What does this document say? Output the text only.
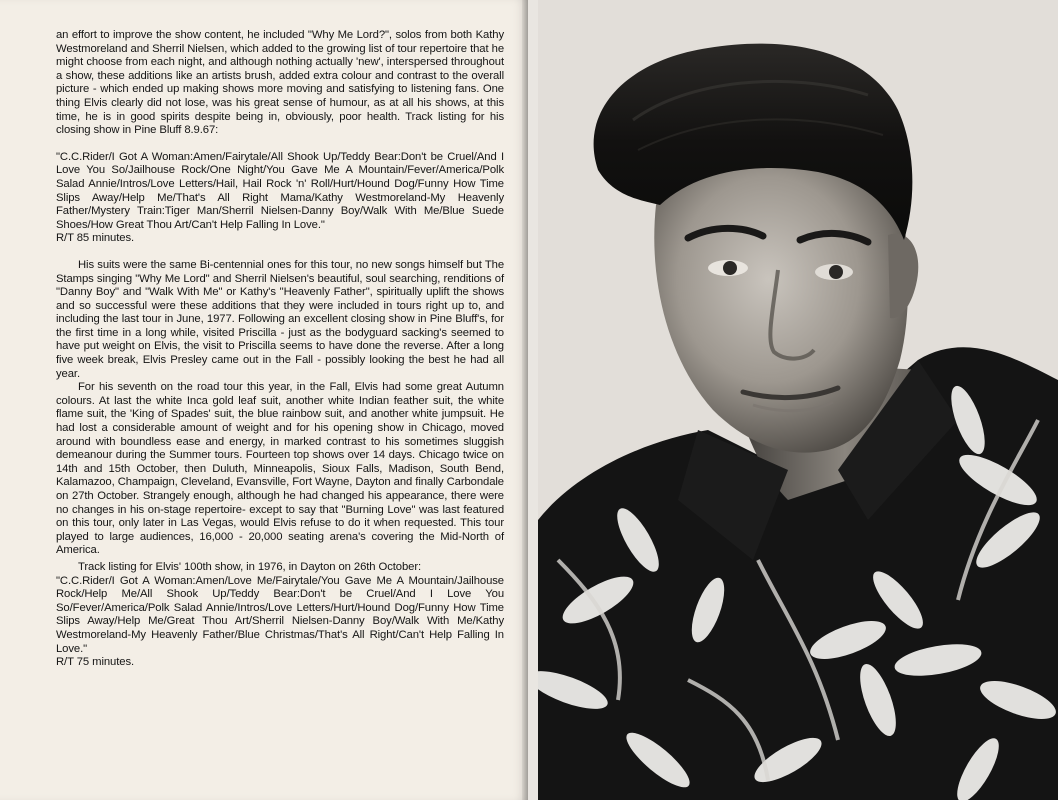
an effort to improve the show content, he included "Why Me Lord?", solos from both Kathy Westmoreland and Sherril Nielsen, which added to the growing list of tour repertoire that he might choose from each night, and although nothing actually 'new', interspersed throughout a show, these additions like an artists brush, added extra colour and contrast to the overall picture - which ended up making shows more moving and satisfying to listening fans. One thing Elvis clearly did not lose, was his great sense of humour, as at all his shows, at this time, he is in good spirits despite being in, obviously, poor health. Track listing for his closing show in Pine Bluff 8.9.67:

"C.C.Rider/I Got A Woman:Amen/Fairytale/All Shook Up/Teddy Bear:Don't be Cruel/And I Love You So/Jailhouse Rock/One Night/You Gave Me A Mountain/Fever/America/Polk Salad Annie/Intros/Love Letters/Hail, Hail Rock 'n' Roll/Hurt/Hound Dog/Funny How Time Slips Away/Help Me/That's All Right Mama/Kathy Westmoreland-My Heavenly Father/Mystery Train:Tiger Man/Sherril Nielsen-Danny Boy/Walk With Me/Blue Suede Shoes/How Great Thou Art/Can't Help Falling In Love."

R/T 85 minutes.

His suits were the same Bi-centennial ones for this tour, no new songs himself but The Stamps singing "Why Me Lord" and Sherril Nielsen's beautiful, soul searching, renditions of "Danny Boy" and "Walk With Me" or Kathy's "Heavenly Father", spiritually uplift the shows and so successful were these additions that they were included in tours right up to, and including the last tour in June, 1977. Following an excellent closing show in Pine Bluff's, for the first time in a long while, visited Priscilla - just as the bodyguard sacking's seemed to have put weight on Elvis, the visit to Priscilla seems to have done the reverse. After a long five week break, Elvis Presley came out in the Fall - possibly looking the best he had all year.

For his seventh on the road tour this year, in the Fall, Elvis had some great Autumn colours. At last the white Inca gold leaf suit, another white Indian feather suit, the white flame suit, the 'King of Spades' suit, the blue rainbow suit, and another white jumpsuit. He had lost a considerable amount of weight and for his opening show in Chicago, moved around with boundless ease and energy, in marked contrast to his sometimes sluggish demeanour during the Summer tours. Fourteen top shows over 14 days. Chicago twice on 14th and 15th October, then Duluth, Minneapolis, Sioux Falls, Madison, South Bend, Kalamazoo, Champaign, Cleveland, Evansville, Fort Wayne, Dayton and finally Carbondale on 27th October. Strangely enough, although he had changed his appearance, there were no changes in his on-stage repertoire- except to say that "Burning Love" was last featured on this tour, only later in Las Vegas, would Elvis refuse to do it when requested. This tour played to large audiences, 16,000 - 20,000 seating arena's covering the Mid-North of America.

Track listing for Elvis' 100th show, in 1976, in Dayton on 26th October:

"C.C.Rider/I Got A Woman:Amen/Love Me/Fairytale/You Gave Me A Mountain/Jailhouse Rock/Help Me/All Shook Up/Teddy Bear:Don't be Cruel/And I Love You So/Fever/America/Polk Salad Annie/Intros/Love Letters/Hurt/Hound Dog/Funny How Time Slips Away/Help Me/Great Thou Art/Sherril Nielsen-Danny Boy/Walk With Me/Kathy Westmoreland-My Heavenly Father/Blue Christmas/That's All Right/Can't Help Falling In Love."

R/T 75 minutes.
